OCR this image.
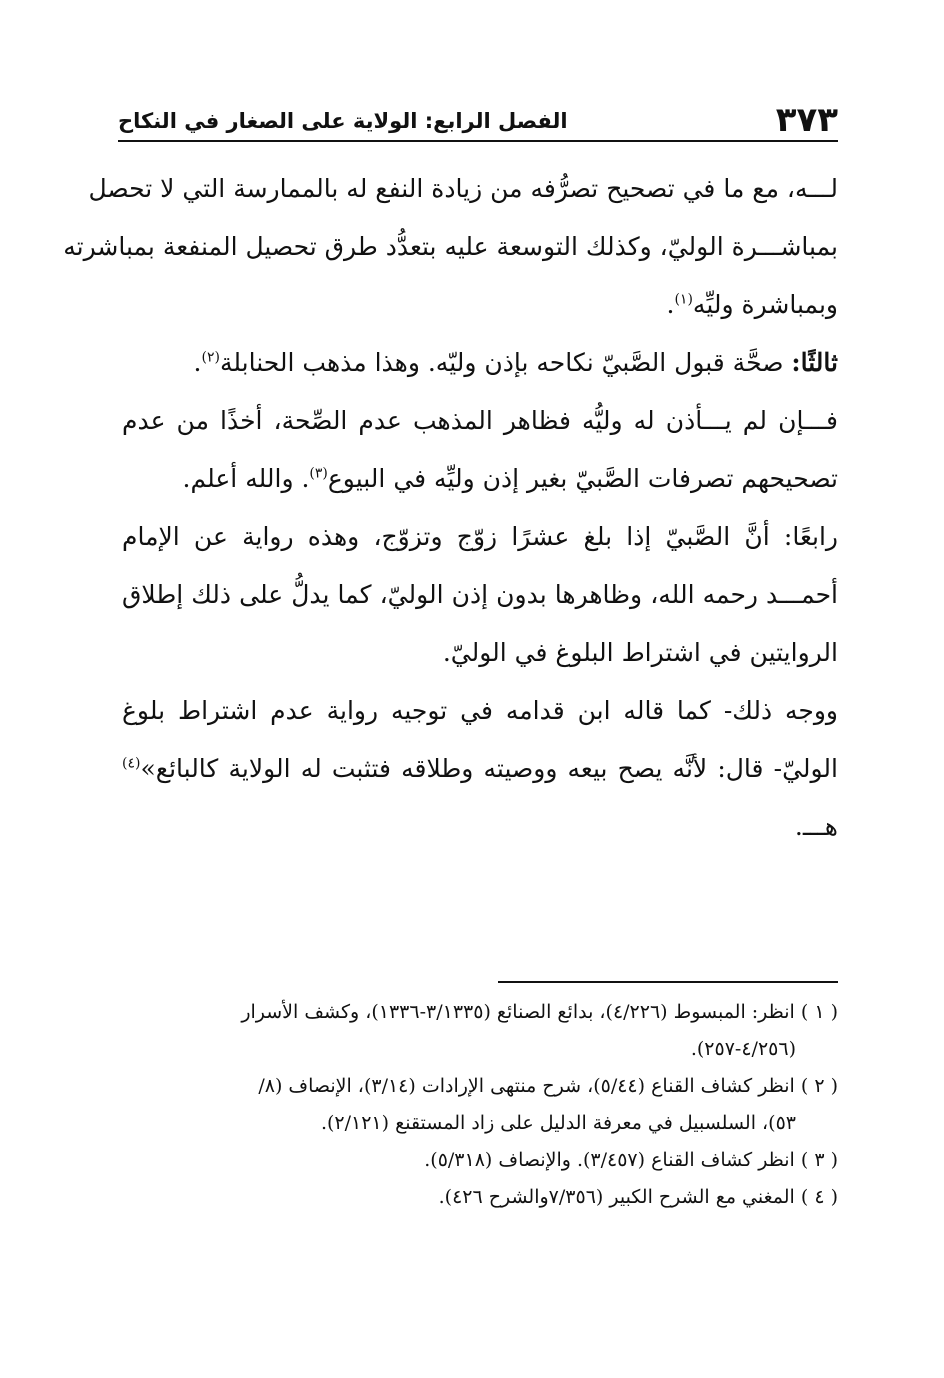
٣٧٣
الفصل الرابع: الولاية على الصغار في النكاح

لـــه، مع ما في تصحيح تصرُّفه من زيادة النفع له بالممارسة التي لا تحصل
بمباشـــرة الوليّ، وكذلك التوسعة عليه بتعدُّد طرق تحصيل المنفعة بمباشرته
وبمباشرة وليِّه$^{(١)}$.

ثالثًا: صحَّة قبول الصَّبيّ نكاحه بإذن وليّه. وهذا مذهب الحنابلة$^{(٢)}$.

فـــإن لم يـــأذن له وليُّه فظاهر المذهب عدم الصِّحة، أخذًا من عدم
تصحيحهم تصرفات الصَّبيّ بغير إذن وليِّه في البيوع$^{(٣)}$. والله أعلم.

رابعًا: أنَّ الصَّبيّ إذا بلغ عشرًا زوّج وتزوّج، وهذه رواية عن الإمام
أحمـــد رحمه الله، وظاهرها بدون إذن الوليّ، كما يدلُّ على ذلك إطلاق
الروايتين في اشتراط البلوغ في الوليّ.

ووجه ذلك- كما قاله ابن قدامه في توجيه رواية عدم اشتراط بلوغ
الوليّ- قال: لأنَّه يصح بيعه ووصيته وطلاقه فتثبت له الولاية كالبائع»$^{(٤)}$
هـــ.

( ١ ) انظر: المبسوط (٤/٢٢٦)، بدائع الصنائع (٣/١٣٣٥-١٣٣٦)، وكشف الأسرار
(٤/٢٥٦-٢٥٧).
( ٢ ) انظر كشاف القناع (٥/٤٤)، شرح منتهى الإرادات (٣/١٤)، الإنصاف (٨/
٥٣)، السلسبيل في معرفة الدليل على زاد المستقنع (٢/١٢١).
( ٣ ) انظر كشاف القناع (٣/٤٥٧). والإنصاف (٥/٣١٨).
( ٤ ) المغني مع الشرح الكبير (٧/٣٥٦والشرح ٤٢٦).
